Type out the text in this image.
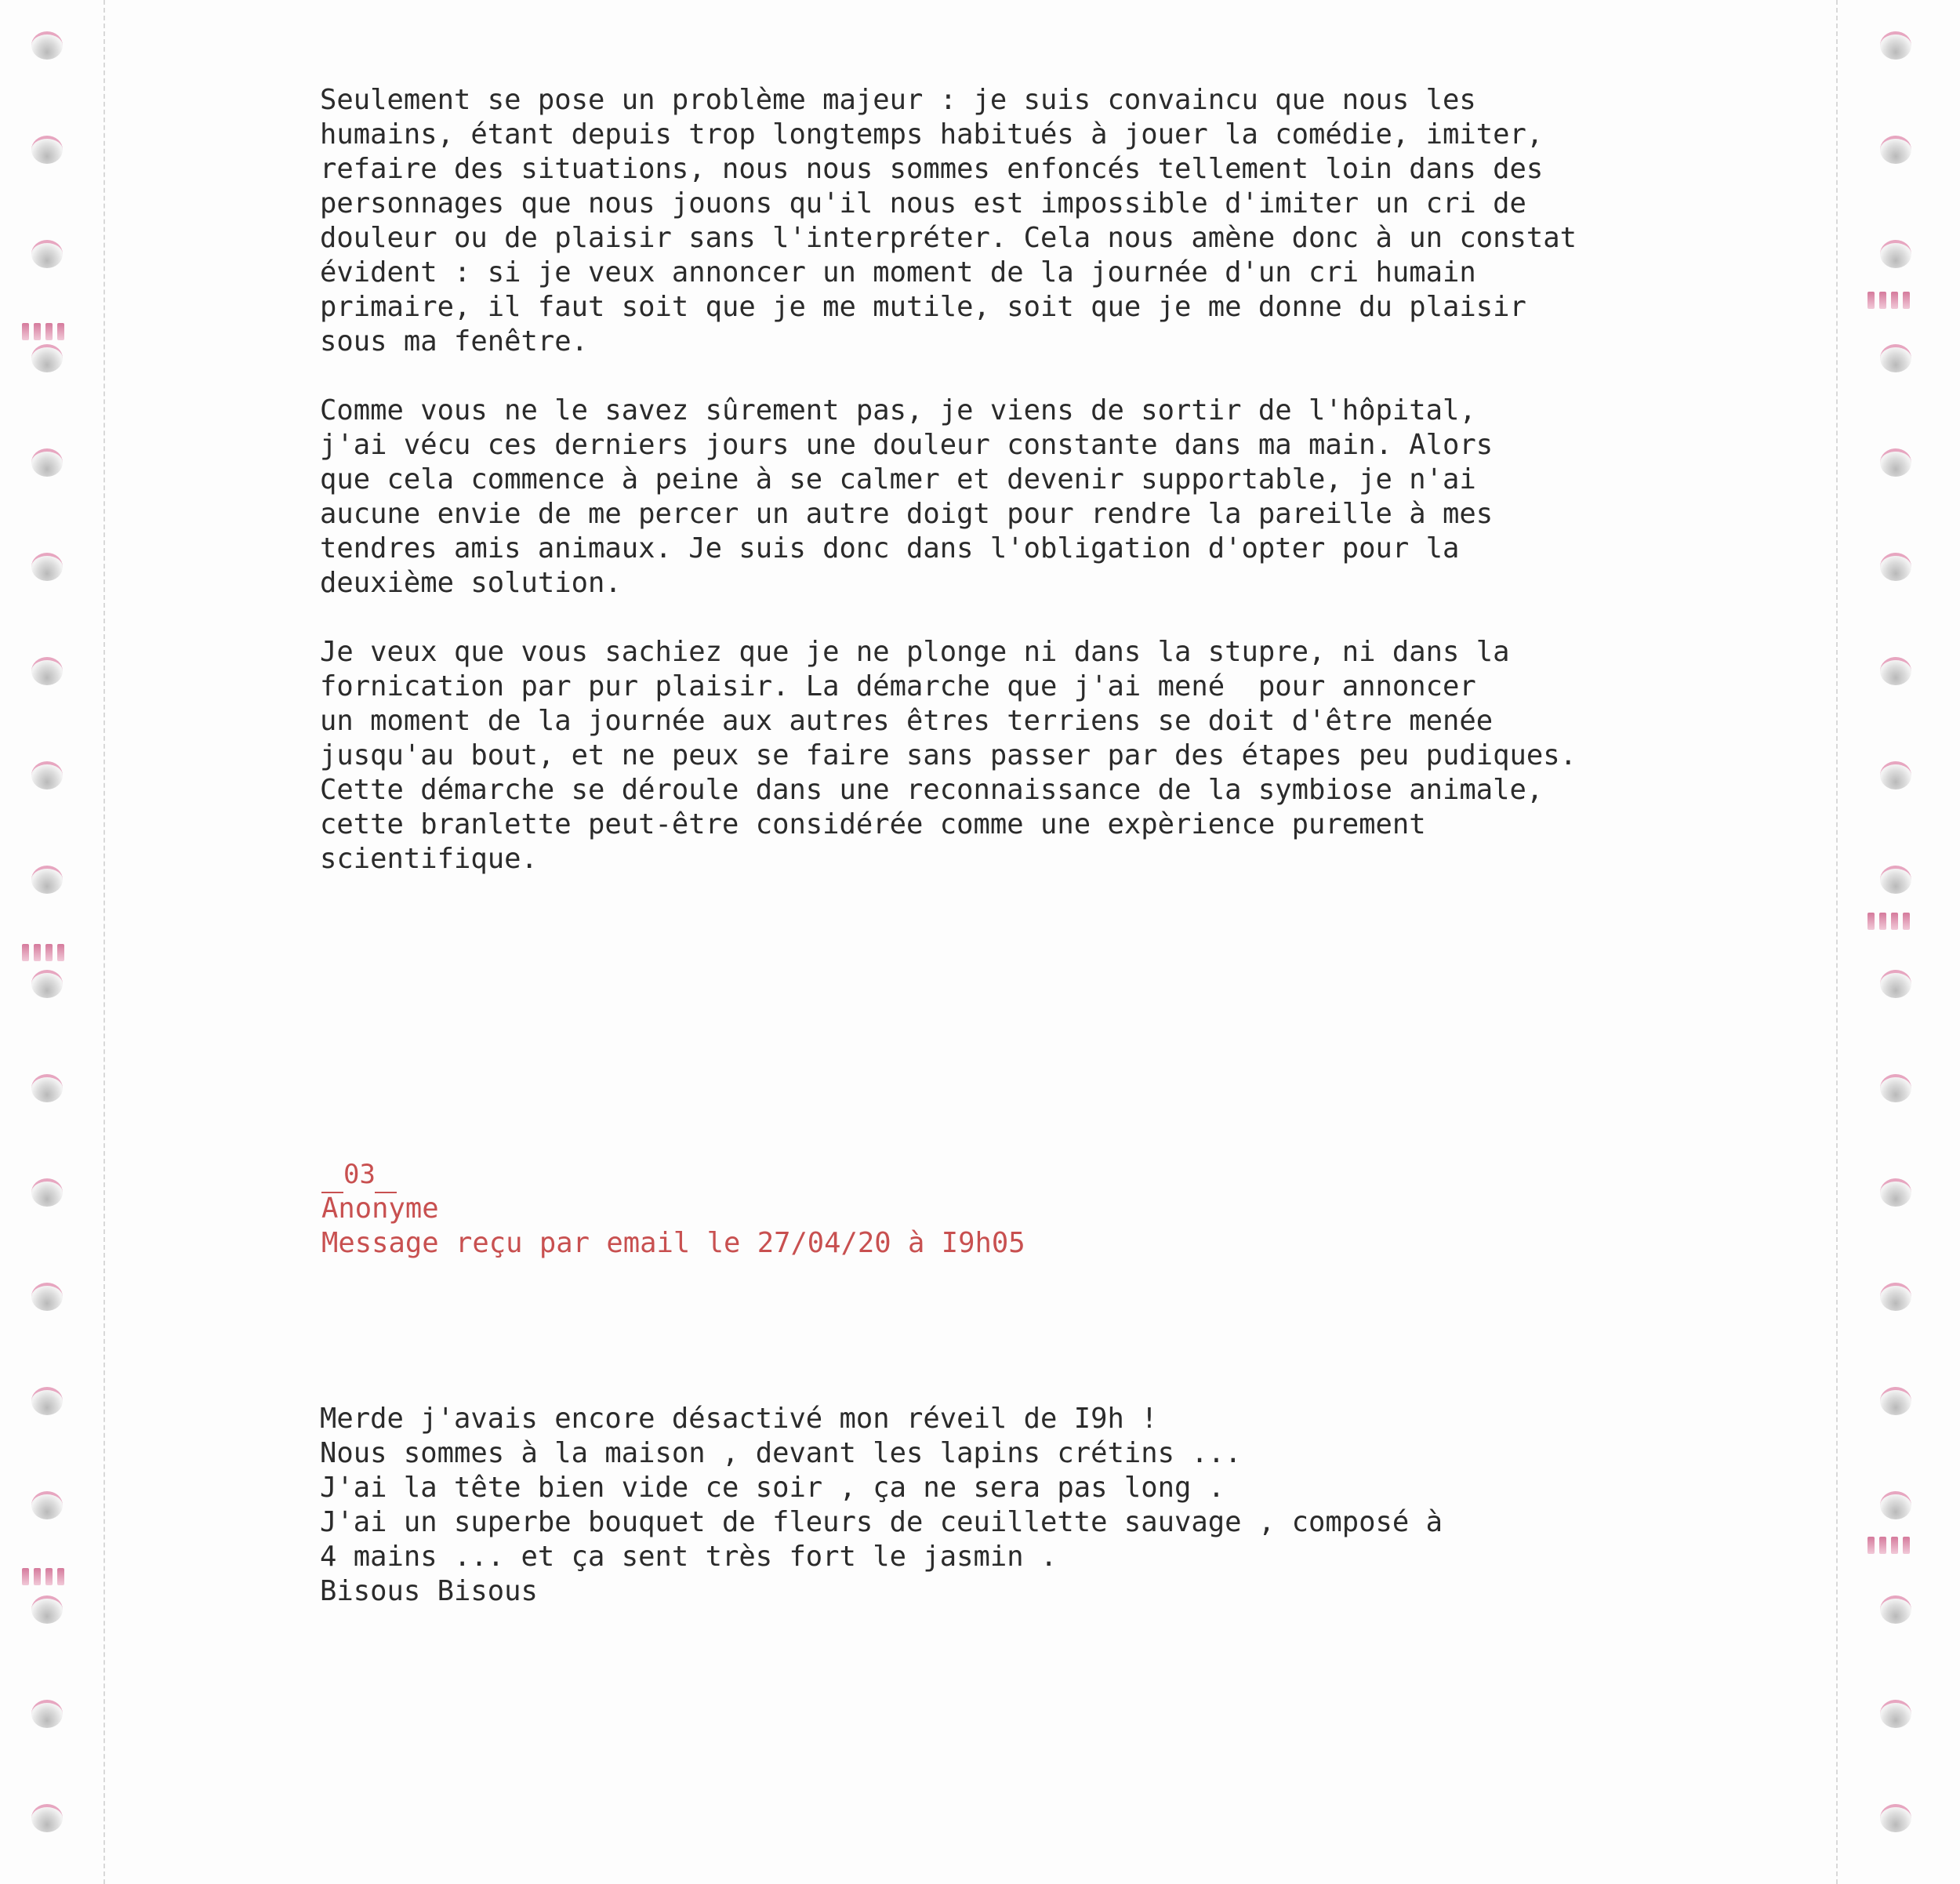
Seulement se pose un problème majeur : je suis convaincu que nous les
humains, étant depuis trop longtemps habitués à jouer la comédie, imiter,
refaire des situations, nous nous sommes enfoncés tellement loin dans des
personnages que nous jouons qu'il nous est impossible d'imiter un cri de
douleur ou de plaisir sans l'interpréter. Cela nous amène donc à un constat
évident : si je veux annoncer un moment de la journée d'un cri humain
primaire, il faut soit que je me mutile, soit que je me donne du plaisir
sous ma fenêtre.
Comme vous ne le savez sûrement pas, je viens de sortir de l'hôpital,
j'ai vécu ces derniers jours une douleur constante dans ma main. Alors
que cela commence à peine à se calmer et devenir supportable, je n'ai
aucune envie de me percer un autre doigt pour rendre la pareille à mes
tendres amis animaux. Je suis donc dans l'obligation d'opter pour la
deuxième solution.
Je veux que vous sachiez que je ne plonge ni dans la stupre, ni dans la
fornication par pur plaisir. La démarche que j'ai mené  pour annoncer
un moment de la journée aux autres êtres terriens se doit d'être menée
jusqu'au bout, et ne peux se faire sans passer par des étapes peu pudiques.
Cette démarche se déroule dans une reconnaissance de la symbiose animale,
cette branlette peut-être considérée comme une expèrience purement
scientifique.
03
Anonyme
Message reçu par email le 27/04/20 à I9h05
Merde j'avais encore désactivé mon réveil de I9h !
Nous sommes à la maison , devant les lapins crétins ...
J'ai la tête bien vide ce soir , ça ne sera pas long .
J'ai un superbe bouquet de fleurs de ceuillette sauvage , composé à
4 mains ... et ça sent très fort le jasmin .
Bisous Bisous
